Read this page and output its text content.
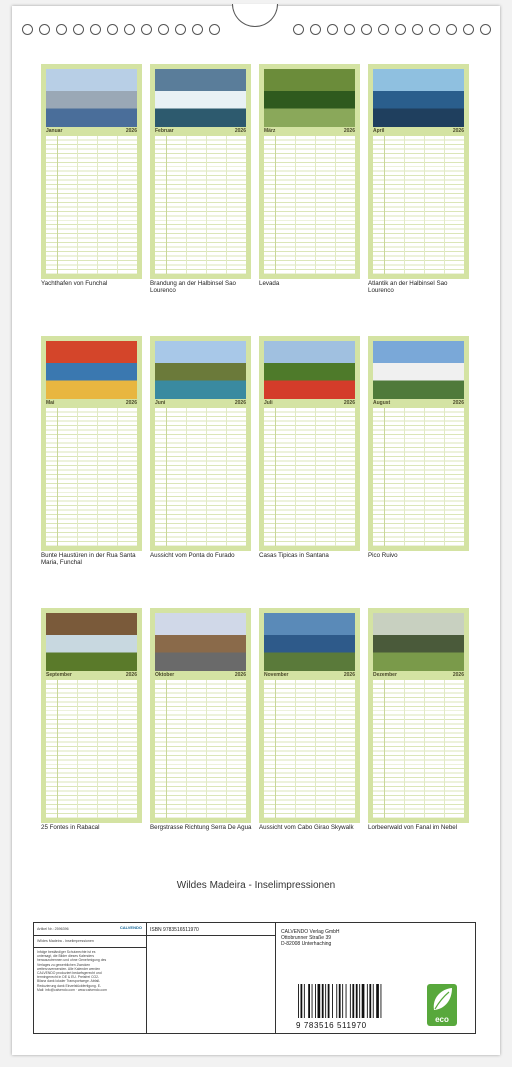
Januar	2026
Yachthafen von Funchal
Februar	2026
Brandung an der Halbinsel Sao Lourenco
März	2026
Levada
April	2026
Atlantik an der Halbinsel Sao Lourenco
Mai	2026
Bunte Haustüren in der Rua Santa Maria, Funchal
Juni	2026
Aussicht vom Ponta do Furado
Juli	2026
Casas Tipicas in Santana
August	2026
Pico Ruivo
September	2026
25 Fontes in Rabacal
Oktober	2026
Bergstrasse Richtung Serra De Agua
November	2026
Aussicht vom Cabo Girao Skywalk
Dezember	2026
Lorbeerwald von Fanal im Nebel
Wildes Madeira - Inselimpressionen
Artikel Nr.: 2596396	CALVENDO
Wildes Madeira - Inselimpressionen
Infolge beständiger Schutzrechte ist es untersagt, die Bilder dieses Kalenders herauszutrennen und ohne Genehmigung des Verlages zu gewerblichen Zwecken weiterzuverwenden. Alle Kalender werden CALVENDO produziert bedarfsgerecht und termingerecht in DE & EU. Preisfrei CO2-Bilanz dank lokaler Transportwege. Abfall-Reduzierung dank Einzelstückfertigung. E-Mail: info@calvendo.com · www.calvendo.com
ISBN 9783516511970	CALVENDO Verlag GmbH
Ottobrunner Straße 39
D-82008 Unterhaching
9 783516 511970
eco
